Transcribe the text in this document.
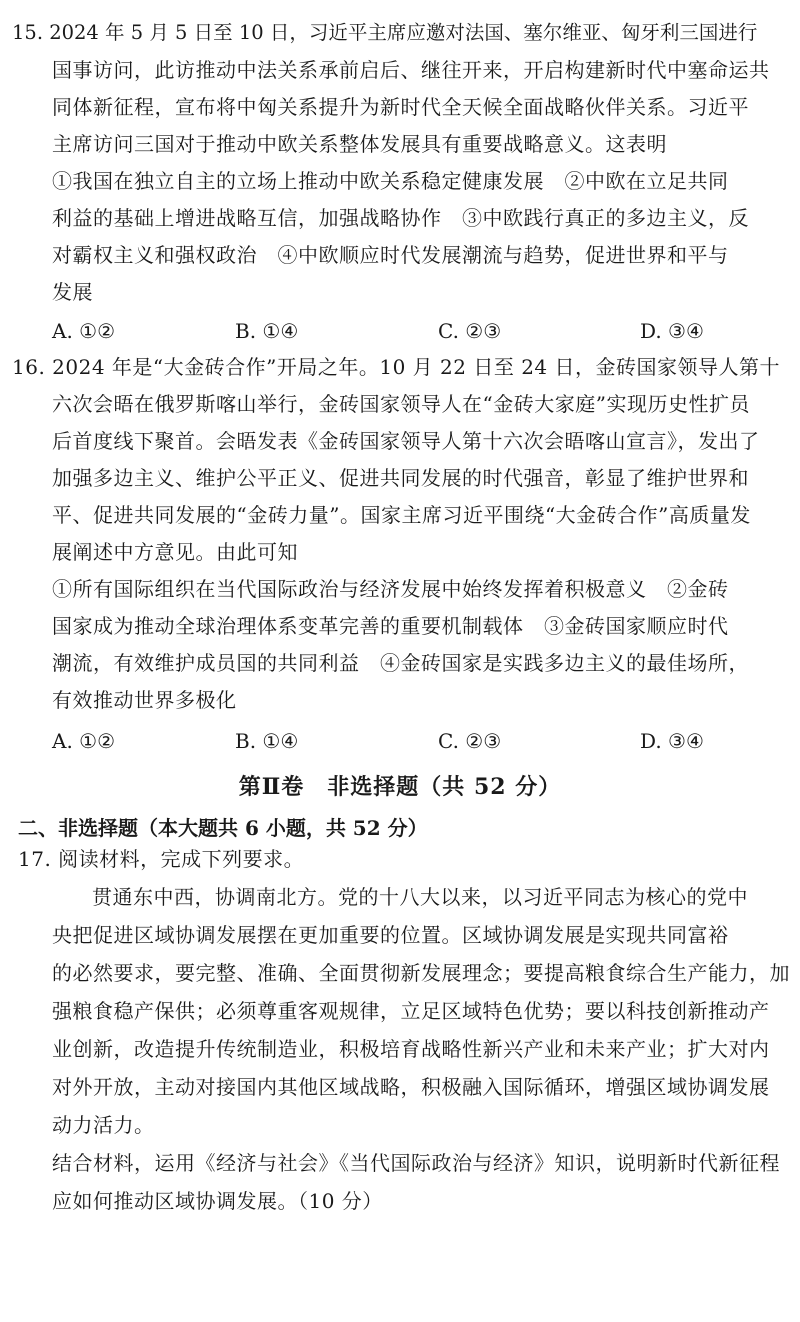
15. 2024 年 5 月 5 日至 10 日，习近平主席应邀对法国、塞尔维亚、匈牙利三国进行
国事访问，此访推动中法关系承前启后、继往开来，开启构建新时代中塞命运共
同体新征程，宣布将中匈关系提升为新时代全天候全面战略伙伴关系。习近平
主席访问三国对于推动中欧关系整体发展具有重要战略意义。这表明
①我国在独立自主的立场上推动中欧关系稳定健康发展　②中欧在立足共同
利益的基础上增进战略互信，加强战略协作　③中欧践行真正的多边主义，反
对霸权主义和强权政治　④中欧顺应时代发展潮流与趋势，促进世界和平与
发展
A. ①②	B. ①④	C. ②③	D. ③④
16. 2024 年是“大金砖合作”开局之年。10 月 22 日至 24 日，金砖国家领导人第十
六次会晤在俄罗斯喀山举行，金砖国家领导人在“金砖大家庭”实现历史性扩员
后首度线下聚首。会晤发表《金砖国家领导人第十六次会晤喀山宣言》，发出了
加强多边主义、维护公平正义、促进共同发展的时代强音，彰显了维护世界和
平、促进共同发展的“金砖力量”。国家主席习近平围绕“大金砖合作”高质量发
展阐述中方意见。由此可知
①所有国际组织在当代国际政治与经济发展中始终发挥着积极意义　②金砖
国家成为推动全球治理体系变革完善的重要机制载体　③金砖国家顺应时代
潮流，有效维护成员国的共同利益　④金砖国家是实践多边主义的最佳场所，
有效推动世界多极化
A. ①②	B. ①④	C. ②③	D. ③④
第Ⅱ卷　非选择题（共 52 分）
二、非选择题（本大题共 6 小题，共 52 分）
17. 阅读材料，完成下列要求。
贯通东中西，协调南北方。党的十八大以来，以习近平同志为核心的党中
央把促进区域协调发展摆在更加重要的位置。区域协调发展是实现共同富裕
的必然要求，要完整、准确、全面贯彻新发展理念；要提高粮食综合生产能力，加
强粮食稳产保供；必须尊重客观规律，立足区域特色优势；要以科技创新推动产
业创新，改造提升传统制造业，积极培育战略性新兴产业和未来产业；扩大对内
对外开放，主动对接国内其他区域战略，积极融入国际循环，增强区域协调发展
动力活力。
结合材料，运用《经济与社会》《当代国际政治与经济》知识，说明新时代新征程
应如何推动区域协调发展。（10 分）
